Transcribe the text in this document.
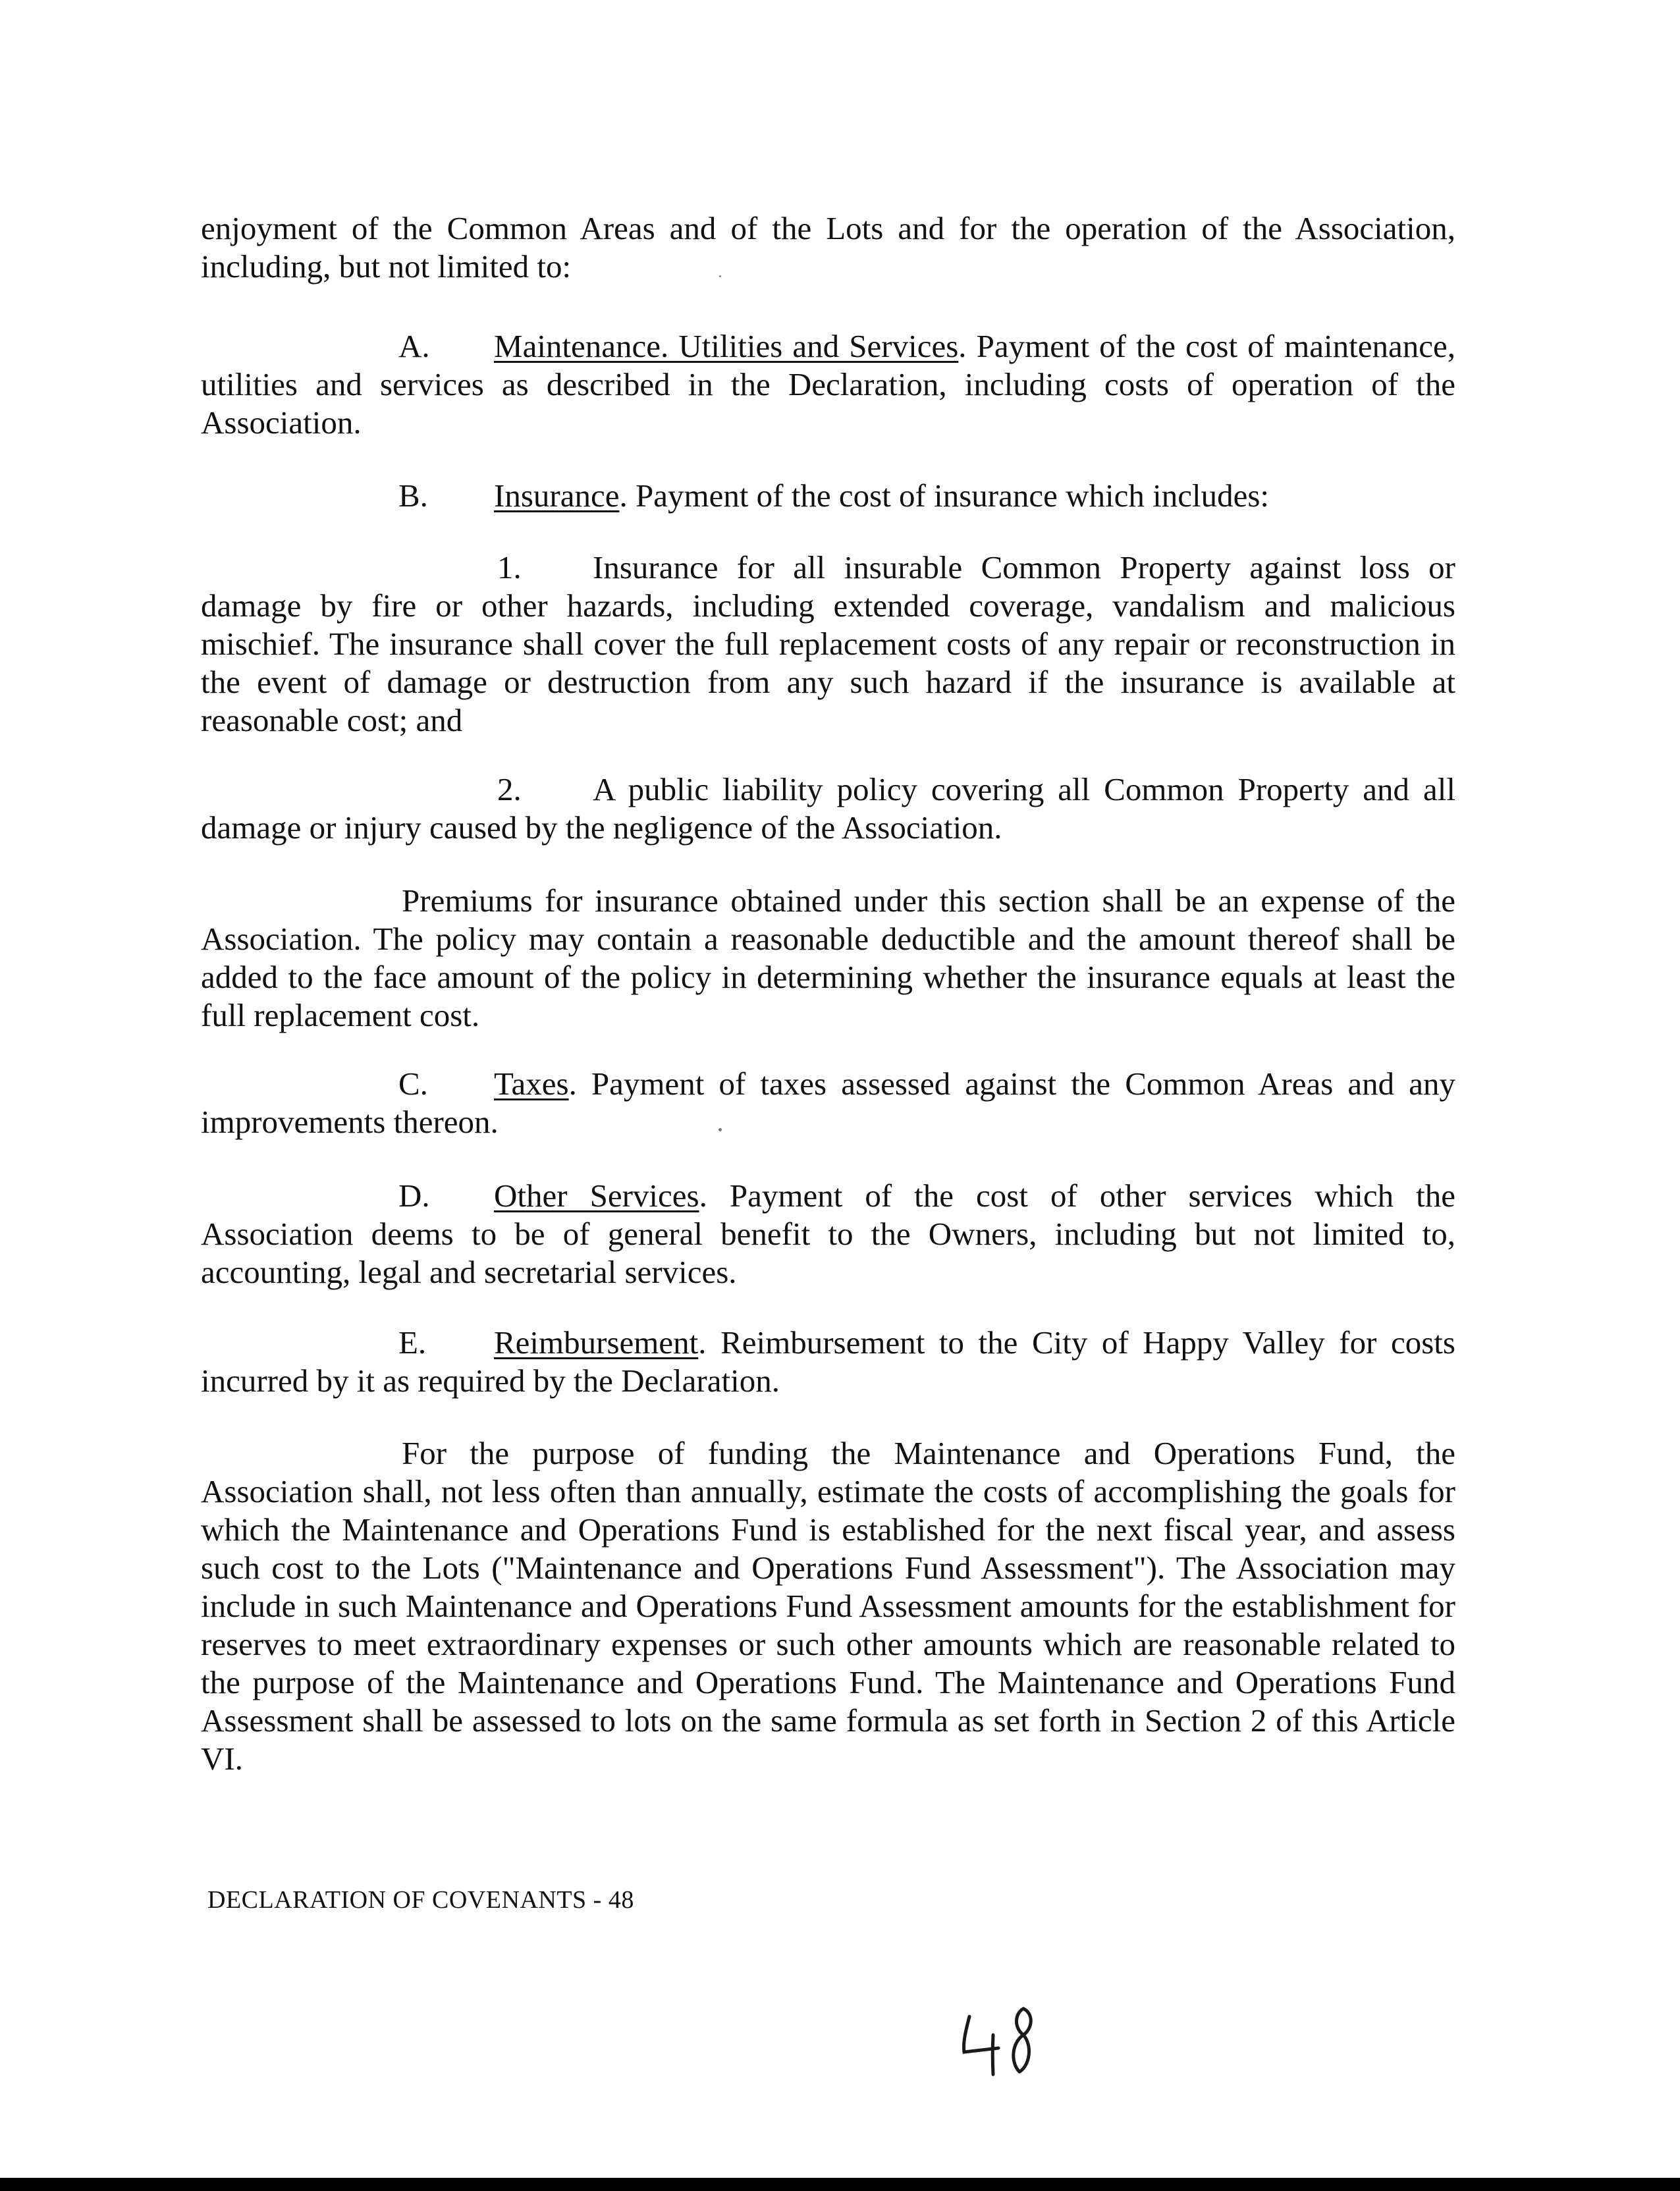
enjoyment of the Common Areas and of the Lots and for the operation of the Association, including, but not limited to:

A. Maintenance. Utilities and Services. Payment of the cost of maintenance, utilities and services as described in the Declaration, including costs of operation of the Association.

B. Insurance. Payment of the cost of insurance which includes:

1. Insurance for all insurable Common Property against loss or damage by fire or other hazards, including extended coverage, vandalism and malicious mischief. The insurance shall cover the full replacement costs of any repair or reconstruction in the event of damage or destruction from any such hazard if the insurance is available at reasonable cost; and

2. A public liability policy covering all Common Property and all damage or injury caused by the negligence of the Association.

Premiums for insurance obtained under this section shall be an expense of the Association. The policy may contain a reasonable deductible and the amount thereof shall be added to the face amount of the policy in determining whether the insurance equals at least the full replacement cost.

C. Taxes. Payment of taxes assessed against the Common Areas and any improvements thereon.

D. Other Services. Payment of the cost of other services which the Association deems to be of general benefit to the Owners, including but not limited to, accounting, legal and secretarial services.

E. Reimbursement. Reimbursement to the City of Happy Valley for costs incurred by it as required by the Declaration.

For the purpose of funding the Maintenance and Operations Fund, the Association shall, not less often than annually, estimate the costs of accomplishing the goals for which the Maintenance and Operations Fund is established for the next fiscal year, and assess such cost to the Lots ("Maintenance and Operations Fund Assessment"). The Association may include in such Maintenance and Operations Fund Assessment amounts for the establishment for reserves to meet extraordinary expenses or such other amounts which are reasonable related to the purpose of the Maintenance and Operations Fund. The Maintenance and Operations Fund Assessment shall be assessed to lots on the same formula as set forth in Section 2 of this Article VI.

DECLARATION OF COVENANTS - 48
